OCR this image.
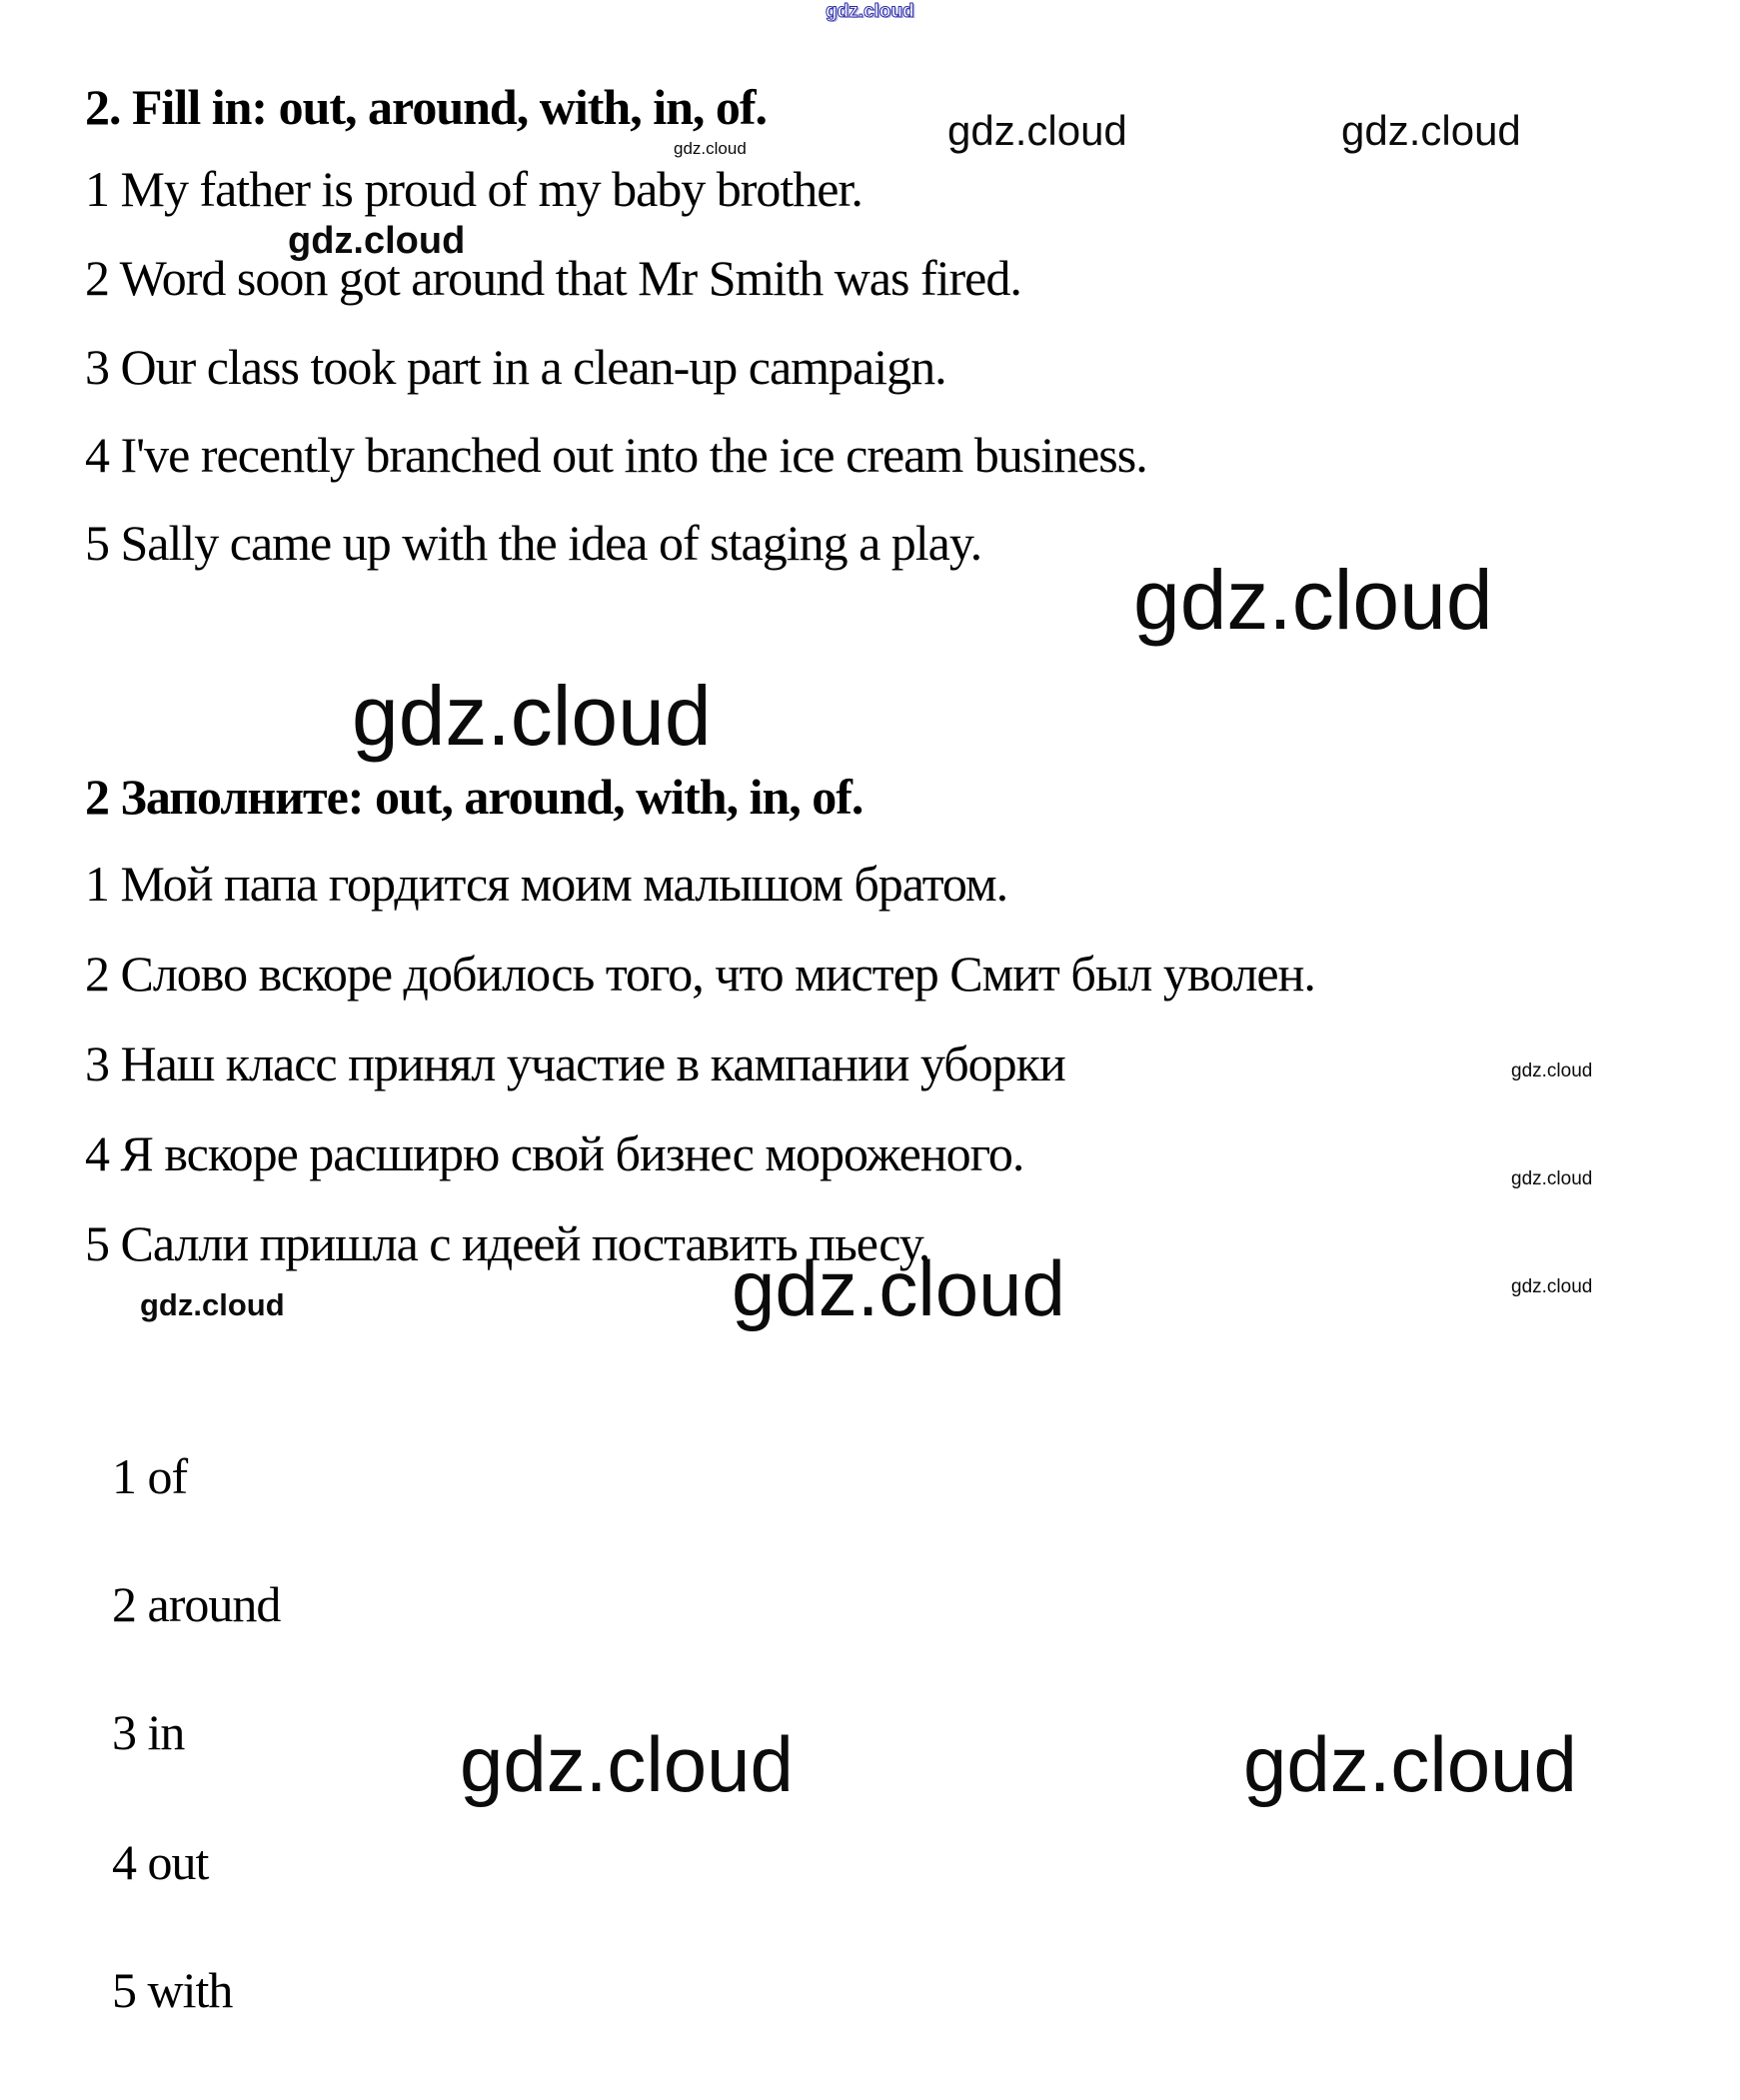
gdz.cloud
gdz.cloud	gdz.cloud
gdz.cloud
gdz.cloud
gdz.cloud
gdz.cloud
gdz.cloud
gdz.cloud
gdz.cloud
gdz.cloud
gdz.cloud
gdz.cloud	gdz.cloud
2. Fill in: out, around, with, in, of.
1 My father is proud of my baby brother.
2 Word soon got around that Mr Smith was fired.
3 Our class took part in a clean-up campaign.
4 I've recently branched out into the ice cream business.
5 Sally came up with the idea of staging a play.
2 Заполните: out, around, with, in, of.
1 Мой папа гордится моим малышом братом.
2 Слово вскоре добилось того, что мистер Смит был уволен.
3 Наш класс принял участие в кампании уборки
4 Я вскоре расширю свой бизнес мороженого.
5 Салли пришла с идеей поставить пьесу.
1 of
2 around
3 in
4 out
5 with
